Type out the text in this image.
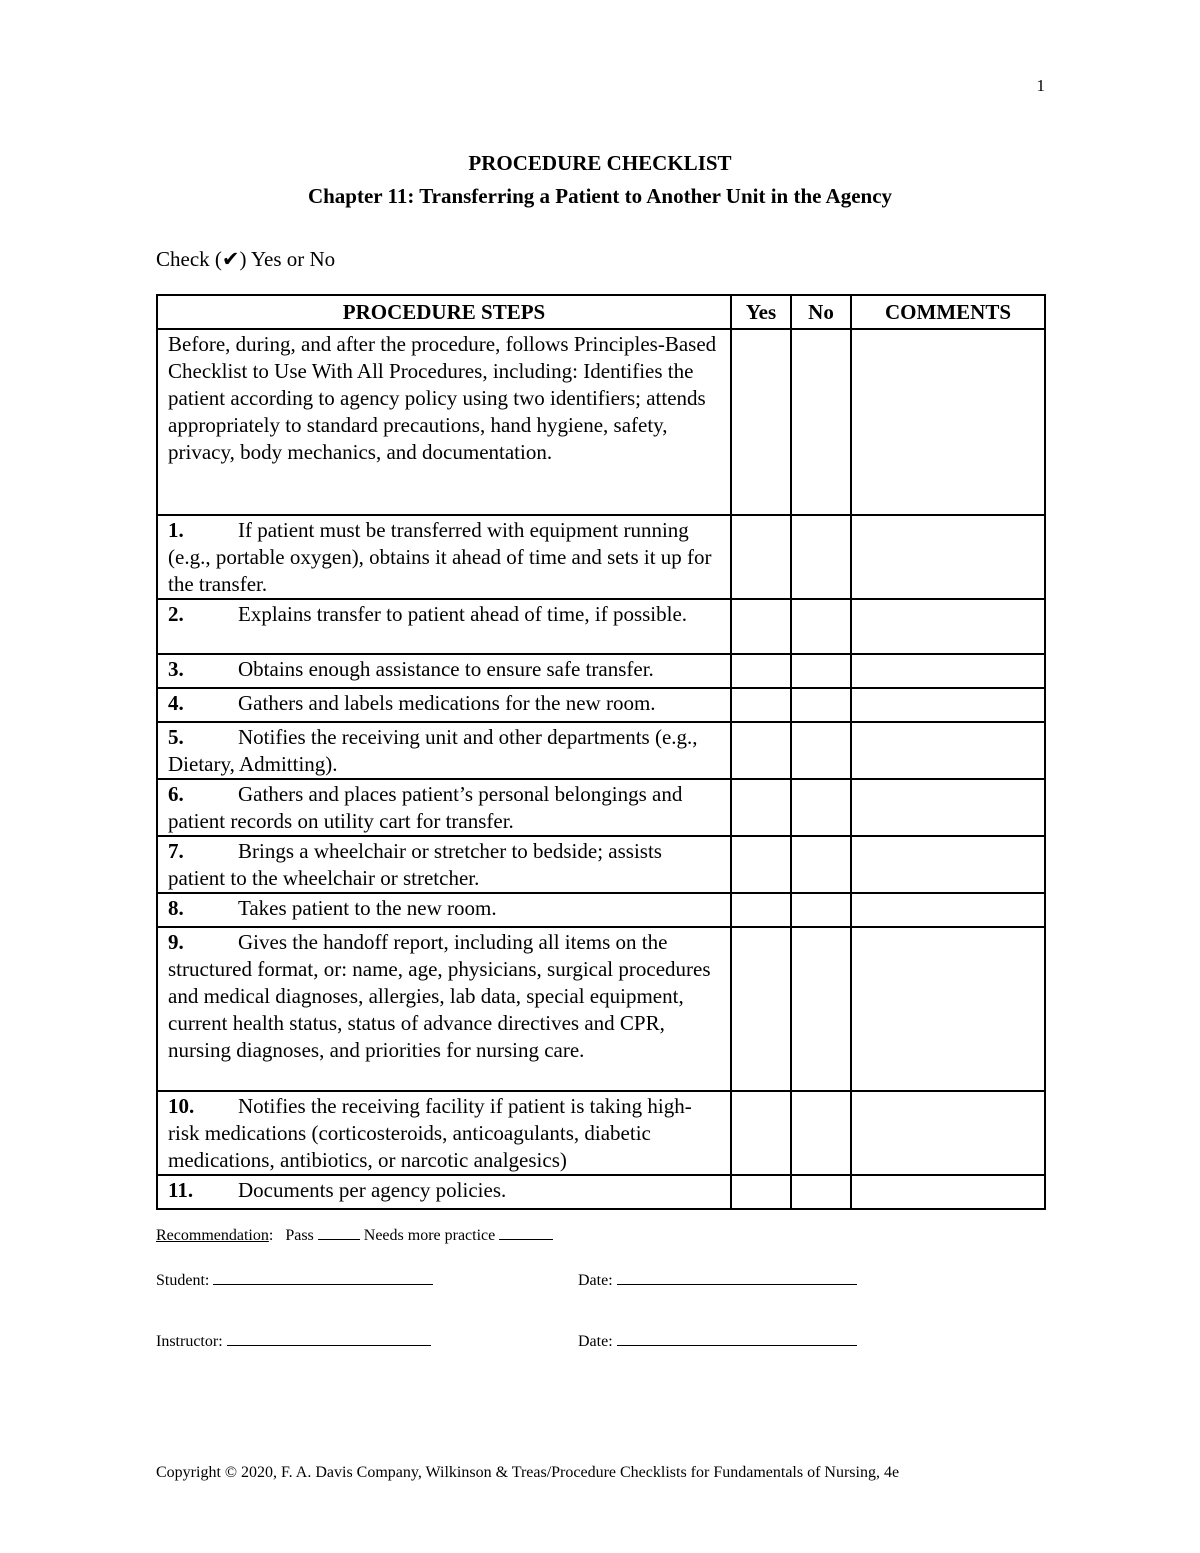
1
PROCEDURE CHECKLIST
Chapter 11: Transferring a Patient to Another Unit in the Agency
Check (✔) Yes or No
PROCEDURE STEPS	Yes	No	COMMENTS
Before, during, and after the procedure, follows Principles-Based Checklist to Use With All Procedures, including: Identifies the patient according to agency policy using two identifiers; attends appropriately to standard precautions, hand hygiene, safety, privacy, body mechanics, and documentation.			
1. If patient must be transferred with equipment running (e.g., portable oxygen), obtains it ahead of time and sets it up for the transfer.			
2. Explains transfer to patient ahead of time, if possible.			
3. Obtains enough assistance to ensure safe transfer.			
4. Gathers and labels medications for the new room.			
5. Notifies the receiving unit and other departments (e.g., Dietary, Admitting).			
6. Gathers and places patient’s personal belongings and patient records on utility cart for transfer.			
7. Brings a wheelchair or stretcher to bedside; assists patient to the wheelchair or stretcher.			
8. Takes patient to the new room.			
9. Gives the handoff report, including all items on the structured format, or: name, age, physicians, surgical procedures and medical diagnoses, allergies, lab data, special equipment, current health status, status of advance directives and CPR, nursing diagnoses, and priorities for nursing care.			
10. Notifies the receiving facility if patient is taking high-risk medications (corticosteroids, anticoagulants, diabetic medications, antibiotics, or narcotic analgesics)			
11. Documents per agency policies.			
Recommendation: Pass	Needs more practice
Student:	Date:
Instructor:	Date:
Copyright © 2020, F. A. Davis Company, Wilkinson & Treas/Procedure Checklists for Fundamentals of Nursing, 4e
